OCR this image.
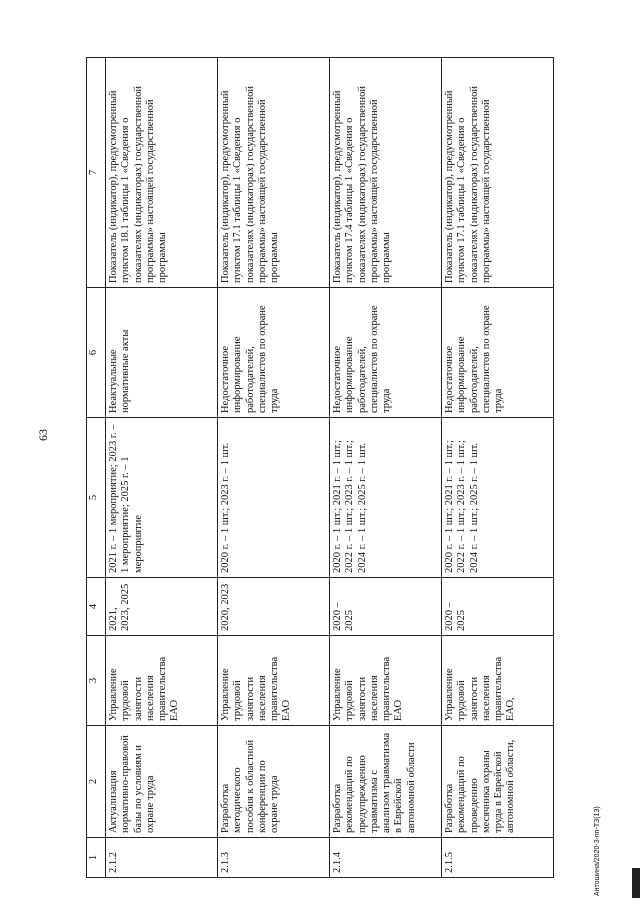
63
1	2	3	4	5	6	7
2.1.2	Актуализация нормативно-правовой базы по условиям и охране труда	Управление трудовой занятости населения правительства ЕАО	2021, 2023, 2025	2021 г. – 1 мероприятие; 2023 г. – 1 мероприятие; 2025 г. – 1 мероприятие	Неактуальные нормативные акты	Показатель (индикатор), предусмотренный пунктом 18.1 таблицы 1 «Сведения о показателях (индикаторах) государственной программы» настоящей государственной программы
2.1.3	Разработка методического пособия к областной конференции по охране труда	Управление трудовой занятости населения правительства ЕАО	2020, 2023	2020 г. – 1 шт.; 2023 г. – 1 шт.	Недостаточное информирование работодателей, специалистов по охране труда	Показатель (индикатор), предусмотренный пунктом 17.1 таблицы 1 «Сведения о показателях (индикаторах) государственной программы» настоящей государственной программы
2.1.4	Разработка рекомендаций по предупреждению травматизма с анализом травматизма в Еврейской автономной области	Управление трудовой занятости населения правительства ЕАО	2020 – 2025	2020 г. – 1 шт.; 2021 г. – 1 шт.; 2022 г. – 1 шт.; 2023 г. – 1 шт.; 2024 г. – 1 шт.; 2025 г. – 1 шт.	Недостаточное информирование работодателей, специалистов по охране труда	Показатель (индикатор), предусмотренный пунктом 17.4 таблицы 1 «Сведения о показателях (индикаторах) государственной программы» настоящей государственной программы
2.1.5	Разработка рекомендаций по проведению месячника охраны труда в Еврейской автономной области,	Управление трудовой занятости населения правительства ЕАО,	2020 – 2025	2020 г. – 1 шт.; 2021 г. – 1 шт.; 2022 г. – 1 шт.; 2023 г. – 1 шт.; 2024 г. – 1 шт.; 2025 г. – 1 шт.	Недостаточное информирование работодателей, специалистов по охране труда	Показатель (индикатор), предусмотренный пунктом 17.1 таблицы 1 «Сведения о показателях (индикаторах) государственной программы» настоящей государственной
Антошина/2020-3-пп-ТЗ(13)
